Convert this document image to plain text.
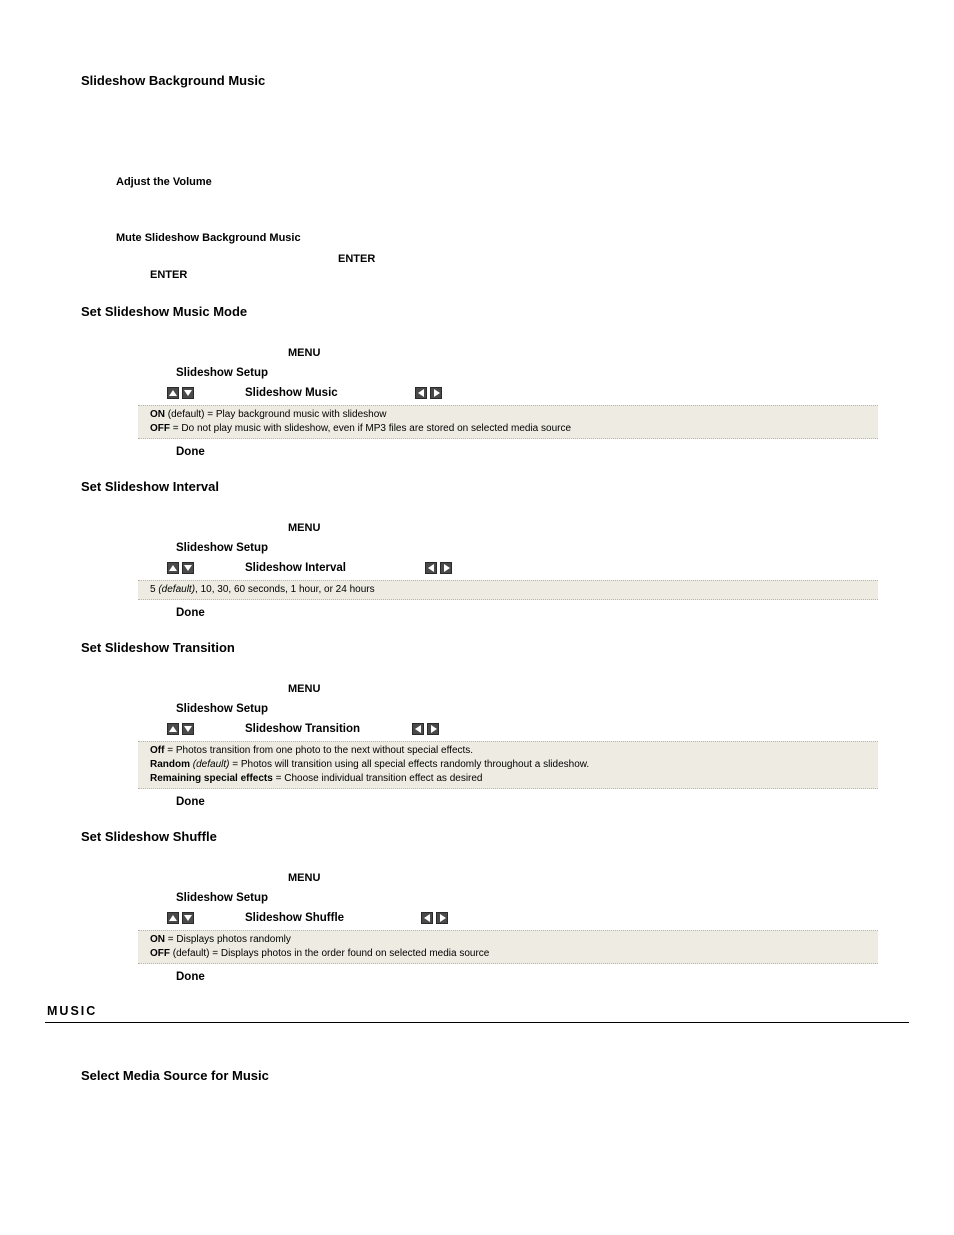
Slideshow Background Music
Adjust the Volume
Mute Slideshow Background Music
ENTER
ENTER
Set Slideshow Music Mode
MENU
Slideshow Setup
Slideshow Music
ON (default) = Play background music with slideshow
OFF = Do not play music with slideshow, even if MP3 files are stored on selected media source
Done
Set Slideshow Interval
MENU
Slideshow Setup
Slideshow Interval
5 (default), 10, 30, 60 seconds, 1 hour, or 24 hours
Done
Set Slideshow Transition
MENU
Slideshow Setup
Slideshow Transition
Off = Photos transition from one photo to the next without special effects.
Random (default) = Photos will transition using all special effects randomly throughout a slideshow.
Remaining special effects = Choose individual transition effect as desired
Done
Set Slideshow Shuffle
MENU
Slideshow Setup
Slideshow Shuffle
ON = Displays photos randomly
OFF (default) = Displays photos in the order found on selected media source
Done
MUSIC
Select Media Source for Music
